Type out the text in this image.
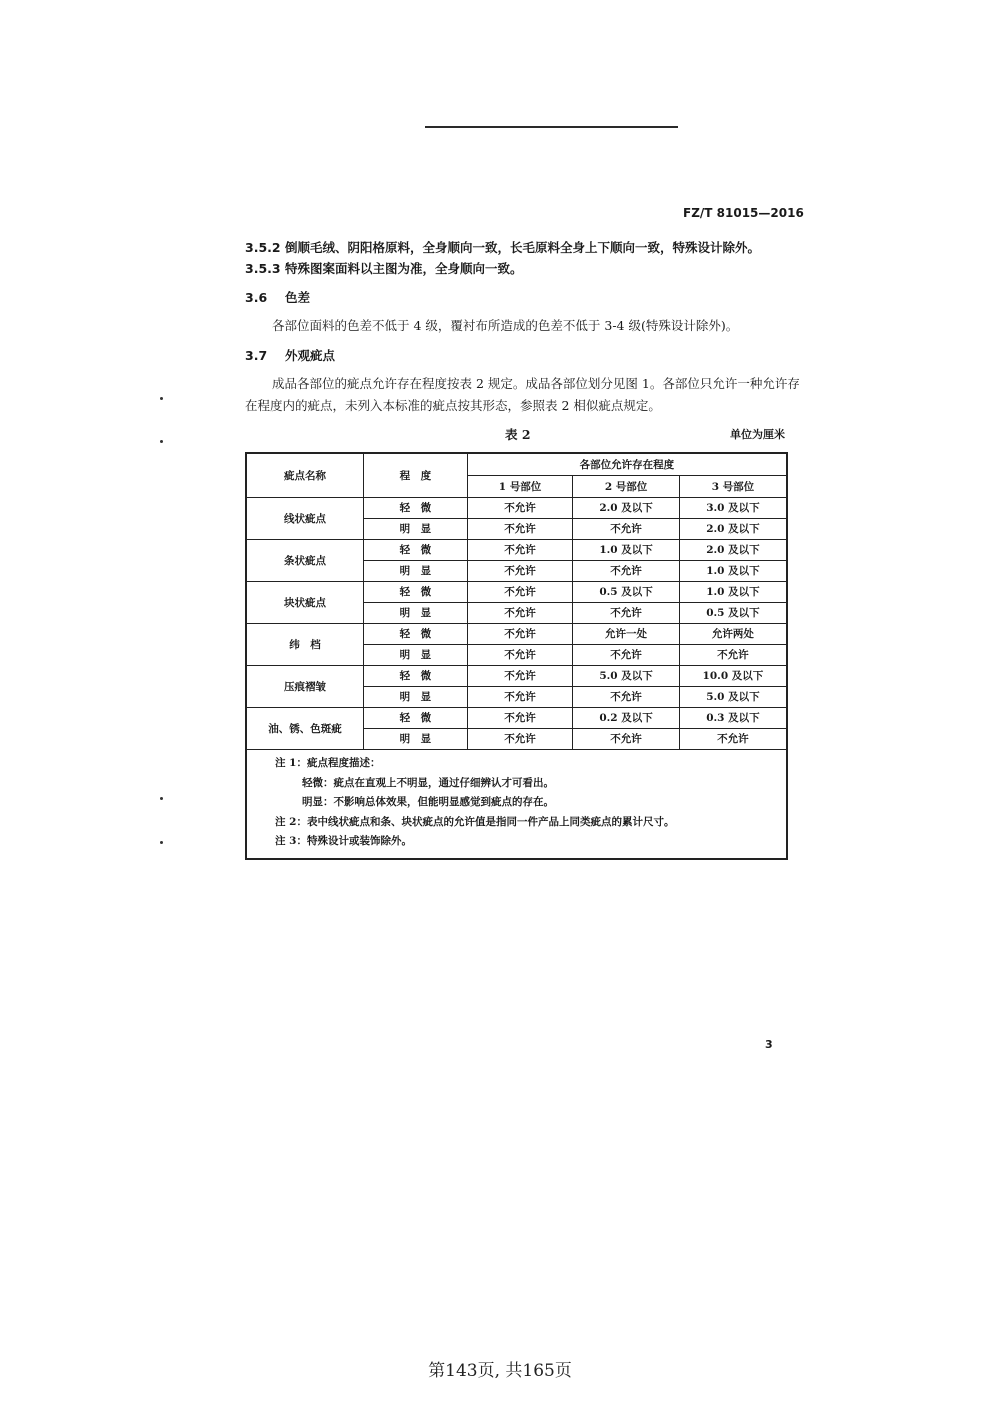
FZ/T 81015—2016
3.5.2 倒顺毛绒、阴阳格原料，全身顺向一致，长毛原料全身上下顺向一致，特殊设计除外。
3.5.3 特殊图案面料以主图为准，全身顺向一致。
3.6 色差
各部位面料的色差不低于 4 级，覆衬布所造成的色差不低于 3-4 级(特殊设计除外)。
3.7 外观疵点
成品各部位的疵点允许存在程度按表 2 规定。成品各部位划分见图 1。各部位只允许一种允许存
在程度内的疵点，未列入本标准的疵点按其形态，参照表 2 相似疵点规定。
表 2	单位为厘米
疵点名称	程　度	各部位允许存在程度		
		1 号部位	2 号部位	3 号部位
线状疵点	轻　微	不允许	2.0 及以下	3.0 及以下
	明　显	不允许	不允许	2.0 及以下
条状疵点	轻　微	不允许	1.0 及以下	2.0 及以下
	明　显	不允许	不允许	1.0 及以下
块状疵点	轻　微	不允许	0.5 及以下	1.0 及以下
	明　显	不允许	不允许	0.5 及以下
纬　档	轻　微	不允许	允许一处	允许两处
	明　显	不允许	不允许	不允许
压痕褶皱	轻　微	不允许	5.0 及以下	10.0 及以下
	明　显	不允许	不允许	5.0 及以下
油、锈、色斑疵	轻　微	不允许	0.2 及以下	0.3 及以下
	明　显	不允许	不允许	不允许

注 1：疵点程度描述：
轻微：疵点在直观上不明显，通过仔细辨认才可看出。
明显：不影响总体效果，但能明显感觉到疵点的存在。
注 2：表中线状疵点和条、块状疵点的允许值是指同一件产品上同类疵点的累计尺寸。
注 3：特殊设计或装饰除外。				
3
第143页, 共165页
